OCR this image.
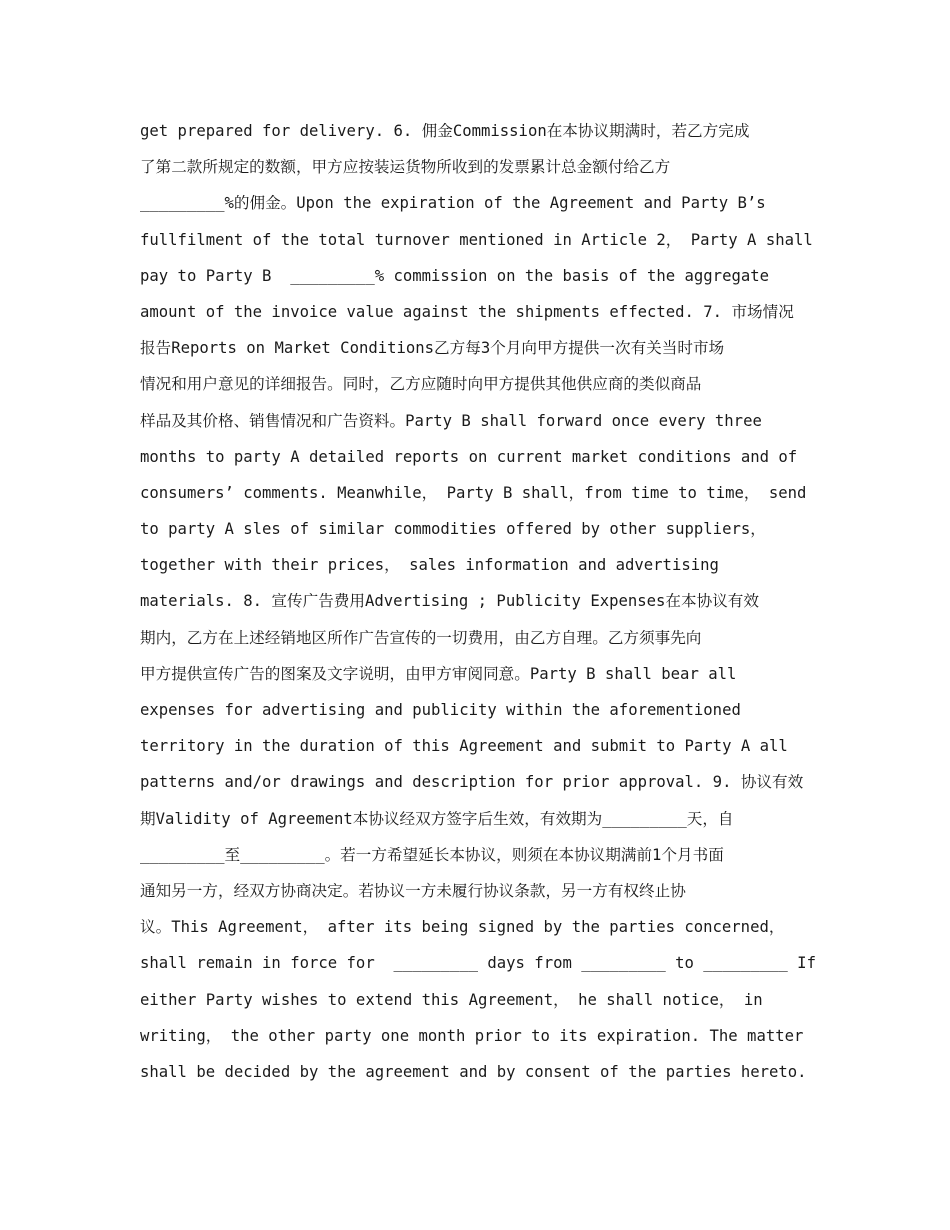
get prepared for delivery. 6. 佣金Commission在本协议期满时，若乙方完成
了第二款所规定的数额，甲方应按装运货物所收到的发票累计总金额付给乙方
_________%的佣金。Upon the expiration of the Agreement and Party B’s
fullfilment of the total turnover mentioned in Article 2， Party A shall
pay to Party B  _________% commission on the basis of the aggregate
amount of the invoice value against the shipments effected. 7. 市场情况
报告Reports on Market Conditions乙方每3个月向甲方提供一次有关当时市场
情况和用户意见的详细报告。同时，乙方应随时向甲方提供其他供应商的类似商品
样品及其价格、销售情况和广告资料。Party B shall forward once every three
months to party A detailed reports on current market conditions and of
consumers’ comments. Meanwhile， Party B shall，from time to time， send
to party A sles of similar commodities offered by other suppliers，
together with their prices， sales information and advertising
materials. 8. 宣传广告费用Advertising ; Publicity Expenses在本协议有效
期内，乙方在上述经销地区所作广告宣传的一切费用，由乙方自理。乙方须事先向
甲方提供宣传广告的图案及文字说明，由甲方审阅同意。Party B shall bear all
expenses for advertising and publicity within the aforementioned
territory in the duration of this Agreement and submit to Party A all
patterns and/or drawings and description for prior approval. 9. 协议有效
期Validity of Agreement本协议经双方签字后生效，有效期为_________天，自
_________至_________。若一方希望延长本协议，则须在本协议期满前1个月书面
通知另一方，经双方协商决定。若协议一方未履行协议条款，另一方有权终止协
议。This Agreement， after its being signed by the parties concerned，
shall remain in force for  _________ days from _________ to _________ If
either Party wishes to extend this Agreement， he shall notice， in
writing， the other party one month prior to its expiration. The matter
shall be decided by the agreement and by consent of the parties hereto.
